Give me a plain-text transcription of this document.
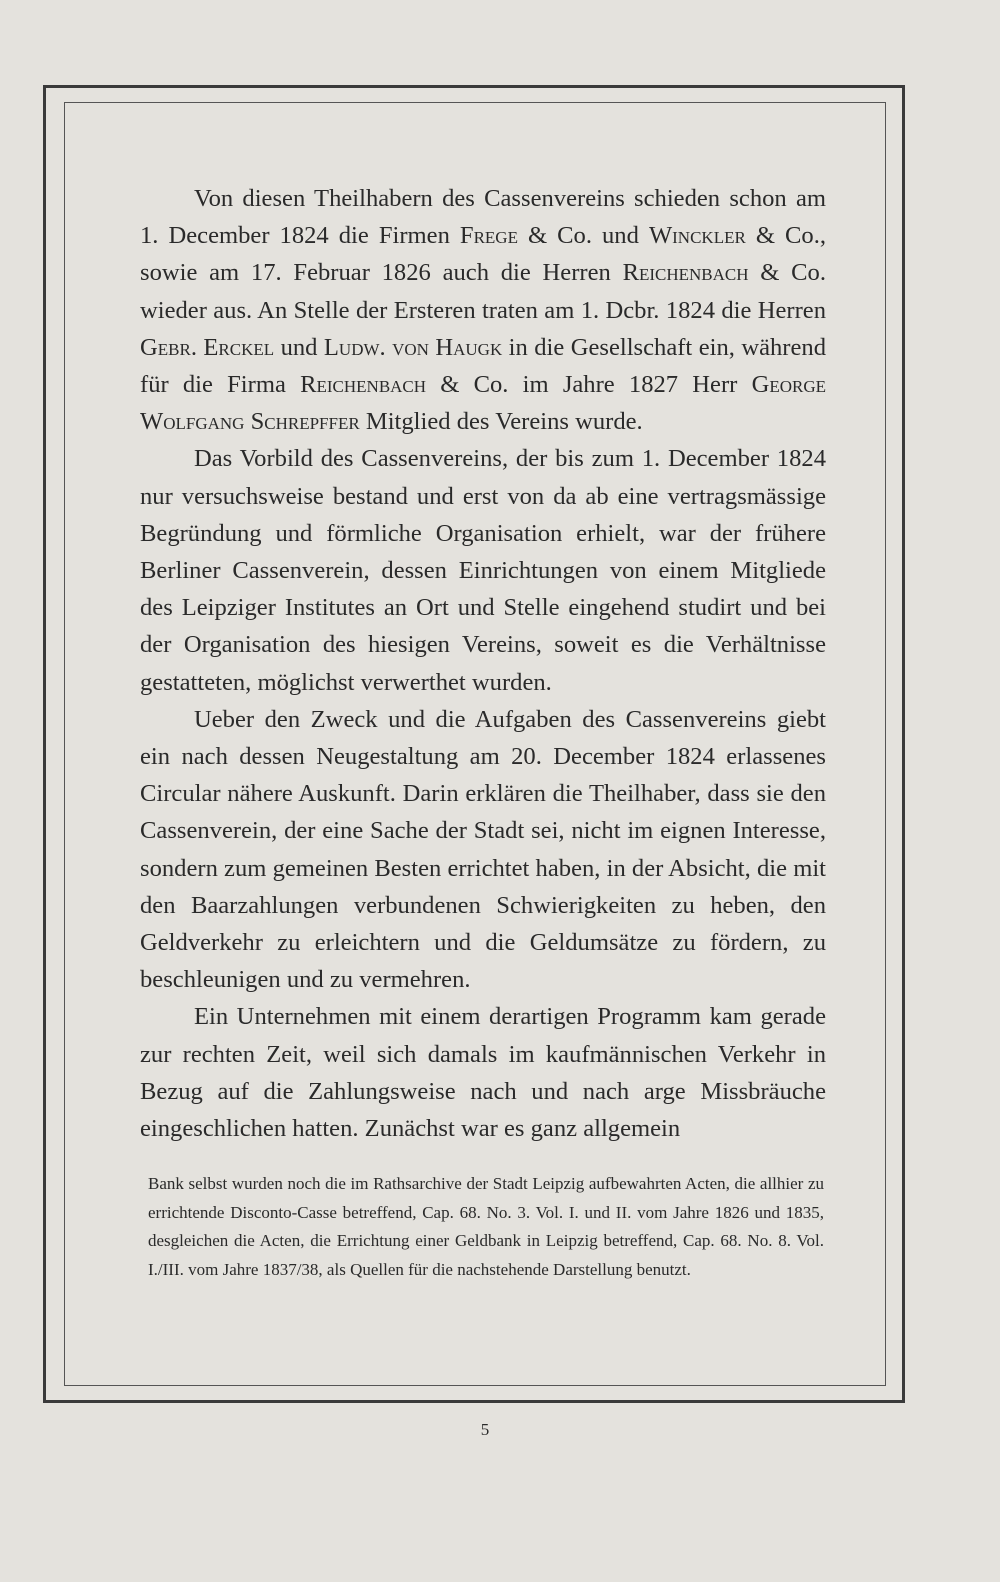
Von diesen Theilhabern des Cassenvereins schieden schon am 1. December 1824 die Firmen Frege & Co. und Winckler & Co., sowie am 17. Februar 1826 auch die Herren Reichenbach & Co. wieder aus. An Stelle der Ersteren traten am 1. Dcbr. 1824 die Herren Gebr. Erckel und Ludw. von Haugk in die Gesellschaft ein, während für die Firma Reichenbach & Co. im Jahre 1827 Herr George Wolfgang Schrepffer Mitglied des Vereins wurde.

Das Vorbild des Cassenvereins, der bis zum 1. December 1824 nur versuchsweise bestand und erst von da ab eine vertragsmässige Begründung und förmliche Organisation erhielt, war der frühere Berliner Cassenverein, dessen Einrichtungen von einem Mitgliede des Leipziger Institutes an Ort und Stelle eingehend studirt und bei der Organisation des hiesigen Vereins, soweit es die Verhältnisse gestatteten, möglichst verwerthet wurden.

Ueber den Zweck und die Aufgaben des Cassenvereins giebt ein nach dessen Neugestaltung am 20. December 1824 erlassenes Circular nähere Auskunft. Darin erklären die Theilhaber, dass sie den Cassenverein, der eine Sache der Stadt sei, nicht im eignen Interesse, sondern zum gemeinen Besten errichtet haben, in der Absicht, die mit den Baarzahlungen verbundenen Schwierigkeiten zu heben, den Geldverkehr zu erleichtern und die Geldumsätze zu fördern, zu beschleunigen und zu vermehren.

Ein Unternehmen mit einem derartigen Programm kam gerade zur rechten Zeit, weil sich damals im kaufmännischen Verkehr in Bezug auf die Zahlungsweise nach und nach arge Missbräuche eingeschlichen hatten. Zunächst war es ganz allgemein

Bank selbst wurden noch die im Rathsarchive der Stadt Leipzig aufbewahrten Acten, die allhier zu errichtende Disconto-Casse betreffend, Cap. 68. No. 3. Vol. I. und II. vom Jahre 1826 und 1835, desgleichen die Acten, die Errichtung einer Geldbank in Leipzig betreffend, Cap. 68. No. 8. Vol. I./III. vom Jahre 1837/38, als Quellen für die nachstehende Darstellung benutzt.

5
